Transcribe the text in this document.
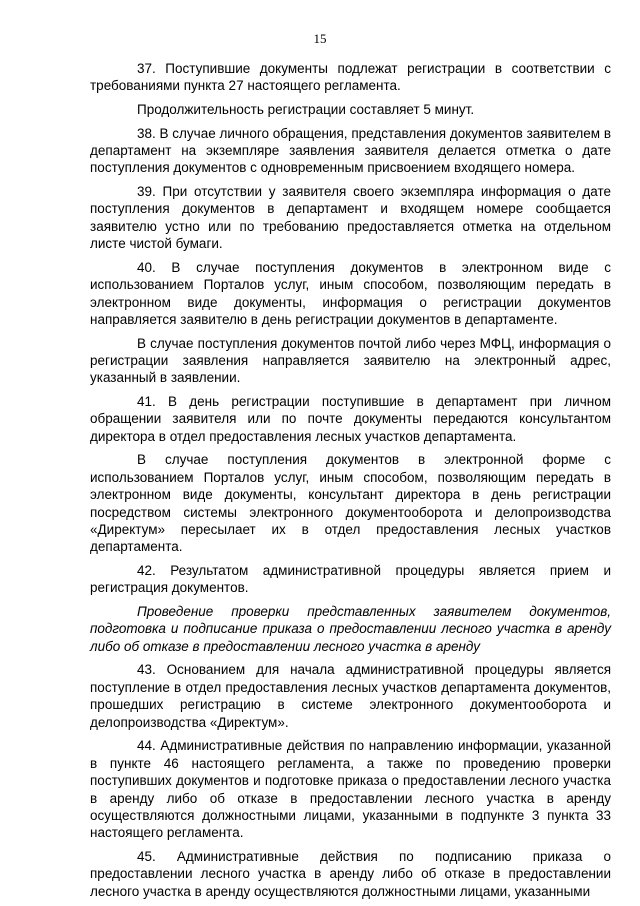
15

37. Поступившие документы подлежат регистрации в соответствии с требованиями пункта 27 настоящего регламента.

Продолжительность регистрации составляет 5 минут.

38. В случае личного обращения, представления документов заявителем в департамент на экземпляре заявления заявителя делается отметка о дате поступления документов с одновременным присвоением входящего номера.

39. При отсутствии у заявителя своего экземпляра информация о дате поступления документов в департамент и входящем номере сообщается заявителю устно или по требованию предоставляется отметка на отдельном листе чистой бумаги.

40. В случае поступления документов в электронном виде с использованием Порталов услуг, иным способом, позволяющим передать в электронном виде документы, информация о регистрации документов направляется заявителю в день регистрации документов в департаменте.

В случае поступления документов почтой либо через МФЦ, информация о регистрации заявления направляется заявителю на электронный адрес, указанный в заявлении.

41. В день регистрации поступившие в департамент при личном обращении заявителя или по почте документы передаются консультантом директора в отдел предоставления лесных участков департамента.

В случае поступления документов в электронной форме с использованием Порталов услуг, иным способом, позволяющим передать в электронном виде документы, консультант директора в день регистрации посредством системы электронного документооборота и делопроизводства «Директум» пересылает их в отдел предоставления лесных участков департамента.

42. Результатом административной процедуры является прием и регистрация документов.

Проведение проверки представленных заявителем документов, подготовка и подписание приказа о предоставлении лесного участка в аренду либо об отказе в предоставлении лесного участка в аренду

43. Основанием для начала административной процедуры является поступление в отдел предоставления лесных участков департамента документов, прошедших регистрацию в системе электронного документооборота и делопроизводства «Директум».

44. Административные действия по направлению информации, указанной в пункте 46 настоящего регламента, а также по проведению проверки поступивших документов и подготовке приказа о предоставлении лесного участка в аренду либо об отказе в предоставлении лесного участка в аренду осуществляются должностными лицами, указанными в подпункте 3 пункта 33 настоящего регламента.

45. Административные действия по подписанию приказа о предоставлении лесного участка в аренду либо об отказе в предоставлении лесного участка в аренду осуществляются должностными лицами, указанными
